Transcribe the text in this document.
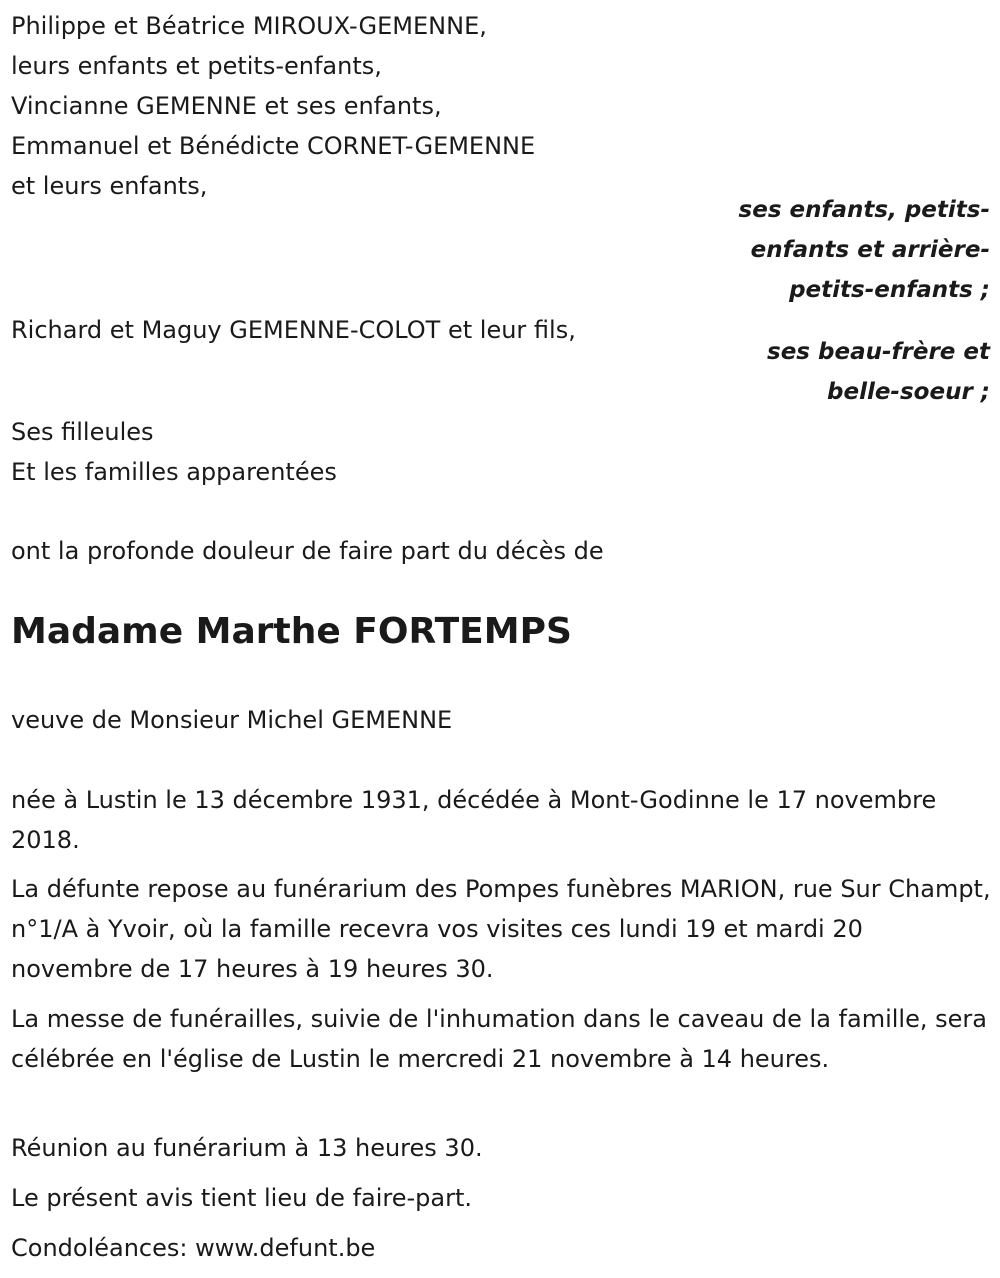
Philippe et Béatrice MIROUX-GEMENNE,
leurs enfants et petits-enfants,
Vincianne GEMENNE et ses enfants,
Emmanuel et Bénédicte CORNET-GEMENNE
et leurs enfants,
ses enfants, petits-
enfants et arrière-
petits-enfants ;
Richard et Maguy GEMENNE-COLOT et leur fils,
ses beau-frère et
belle-soeur ;
Ses filleules
Et les familles apparentées
ont la profonde douleur de faire part du décès de
Madame Marthe FORTEMPS
veuve de Monsieur Michel GEMENNE
née à Lustin le 13 décembre 1931, décédée à Mont-Godinne le 17 novembre 2018.
La défunte repose au funérarium des Pompes funèbres MARION, rue Sur Champt, n°1/A à Yvoir, où la famille recevra vos visites ces lundi 19 et mardi 20 novembre de 17 heures à 19 heures 30.
La messe de funérailles, suivie de l'inhumation dans le caveau de la famille, sera célébrée en l'église de Lustin le mercredi 21 novembre à 14 heures.
Réunion au funérarium à 13 heures 30.
Le présent avis tient lieu de faire-part.
Condoléances: www.defunt.be
